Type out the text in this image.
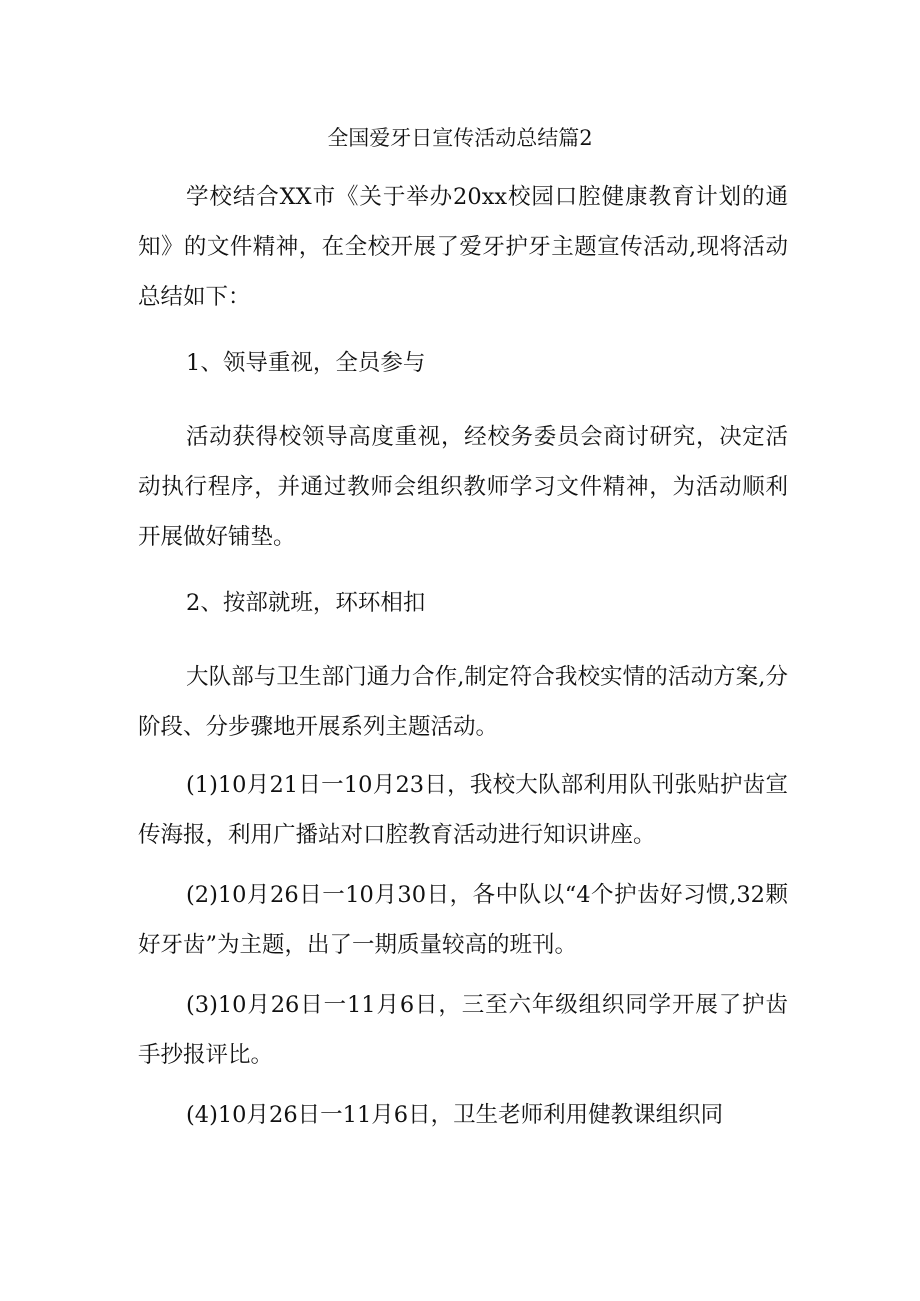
全国爱牙日宣传活动总结篇2

学校结合XX市《关于举办20xx校园口腔健康教育计划的通知》的文件精神，在全校开展了爱牙护牙主题宣传活动,现将活动总结如下：

1、领导重视，全员参与

活动获得校领导高度重视，经校务委员会商讨研究，决定活动执行程序，并通过教师会组织教师学习文件精神，为活动顺利开展做好铺垫。

2、按部就班，环环相扣

大队部与卫生部门通力合作,制定符合我校实情的活动方案,分阶段、分步骤地开展系列主题活动。

(1)10月21日一10月23日，我校大队部利用队刊张贴护齿宣传海报，利用广播站对口腔教育活动进行知识讲座。

(2)10月26日一10月30日，各中队以“4个护齿好习惯,32颗好牙齿”为主题，出了一期质量较高的班刊。

(3)10月26日一11月6日，三至六年级组织同学开展了护齿手抄报评比。

(4)10月26日一11月6日，卫生老师利用健教课组织同
